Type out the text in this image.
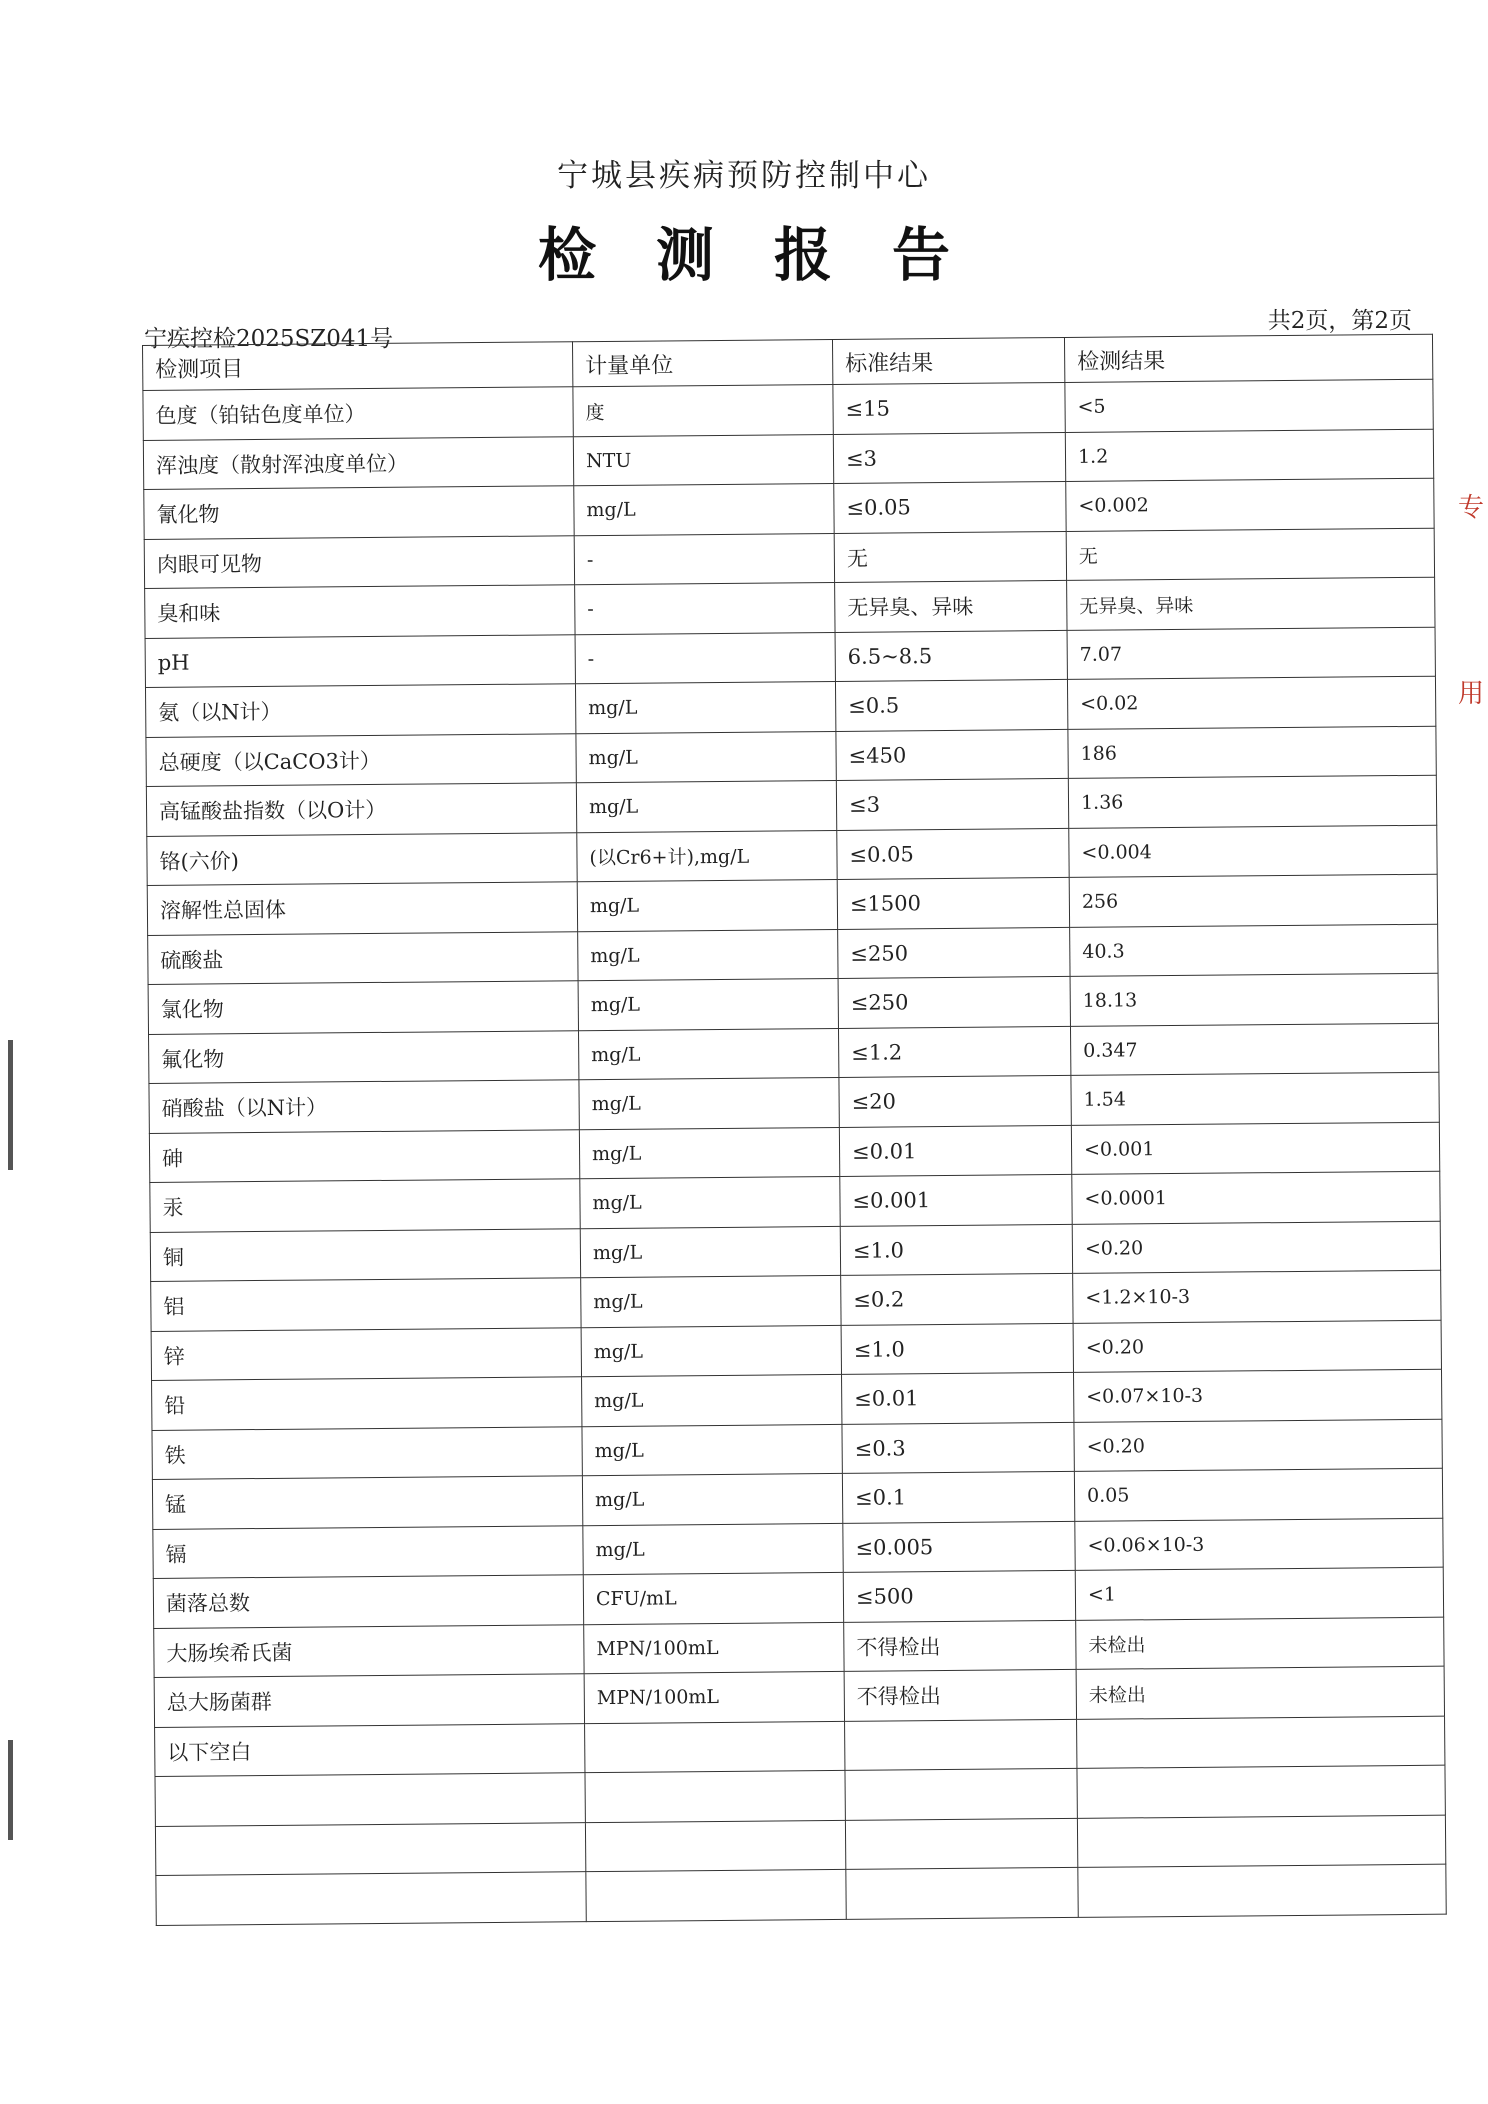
宁城县疾病预防控制中心
检测报告
宁疾控检2025SZ041号
共2页，第2页
检测项目	计量单位	标准结果	检测结果
色度（铂钴色度单位）	度	≤15	<5
浑浊度（散射浑浊度单位）	NTU	≤3	1.2
氰化物	mg/L	≤0.05	<0.002
肉眼可见物	-	无	无
臭和味	-	无异臭、异味	无异臭、异味
pH	-	6.5~8.5	7.07
氨（以N计）	mg/L	≤0.5	<0.02
总硬度（以CaCO3计）	mg/L	≤450	186
高锰酸盐指数（以O计）	mg/L	≤3	1.36
铬(六价)	(以Cr6+计),mg/L	≤0.05	<0.004
溶解性总固体	mg/L	≤1500	256
硫酸盐	mg/L	≤250	40.3
氯化物	mg/L	≤250	18.13
氟化物	mg/L	≤1.2	0.347
硝酸盐（以N计）	mg/L	≤20	1.54
砷	mg/L	≤0.01	<0.001
汞	mg/L	≤0.001	<0.0001
铜	mg/L	≤1.0	<0.20
铝	mg/L	≤0.2	<1.2×10-3
锌	mg/L	≤1.0	<0.20
铅	mg/L	≤0.01	<0.07×10-3
铁	mg/L	≤0.3	<0.20
锰	mg/L	≤0.1	0.05
镉	mg/L	≤0.005	<0.06×10-3
菌落总数	CFU/mL	≤500	<1
大肠埃希氏菌	MPN/100mL	不得检出	未检出
总大肠菌群	MPN/100mL	不得检出	未检出
以下空白			

专
用
